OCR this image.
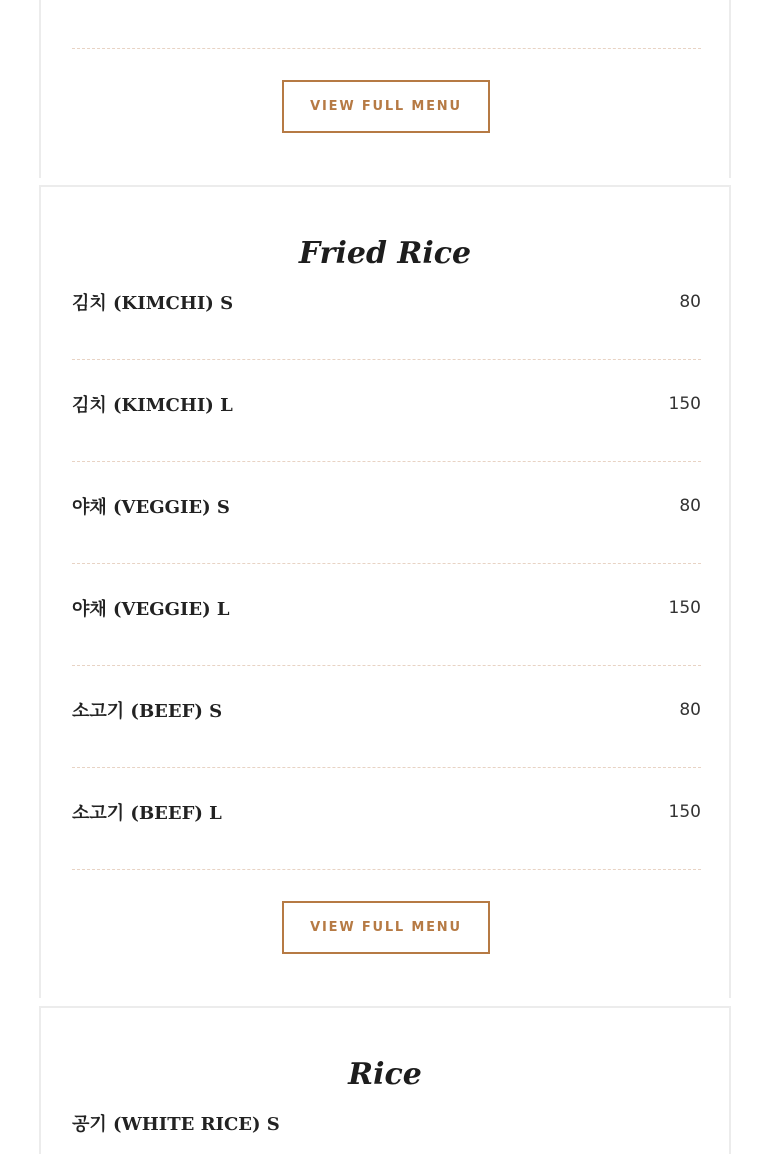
VIEW FULL MENU
Fried Rice
김치 (KIMCHI) S	80
김치 (KIMCHI) L	150
야채 (VEGGIE) S	80
야채 (VEGGIE) L	150
소고기 (BEEF) S	80
소고기 (BEEF) L	150
VIEW FULL MENU
Rice
공기 (WHITE RICE) S
